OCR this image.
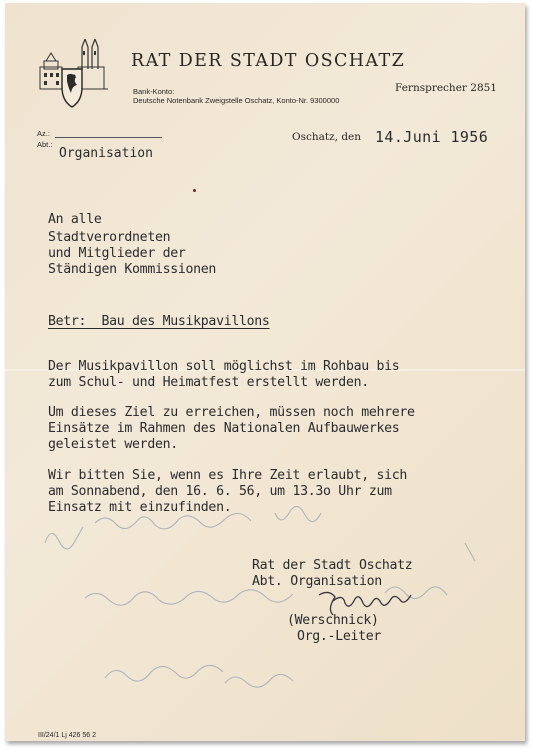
RAT DER STADT OSCHATZ
Bank-Konto:
Deutsche Notenbank Zweigstelle Oschatz, Konto-Nr. 9300000
Fernsprecher 2851
Az.:
Abt.:
Organisation
Oschatz, den 14.Juni 1956
An alle
Stadtverordneten
und Mitglieder der
Ständigen Kommissionen
Betr:  Bau des Musikpavillons
Der Musikpavillon soll möglichst im Rohbau bis
zum Schul- und Heimatfest erstellt werden.
Um dieses Ziel zu erreichen, müssen noch mehrere
Einsätze im Rahmen des Nationalen Aufbauwerkes
geleistet werden.
Wir bitten Sie, wenn es Ihre Zeit erlaubt, sich
am Sonnabend, den 16. 6. 56, um 13.3o Uhr zum
Einsatz mit einzufinden.
Rat der Stadt Oschatz
Abt. Organisation
(Werschnick)
Org.-Leiter
III/24/1 Lj 426 56 2
